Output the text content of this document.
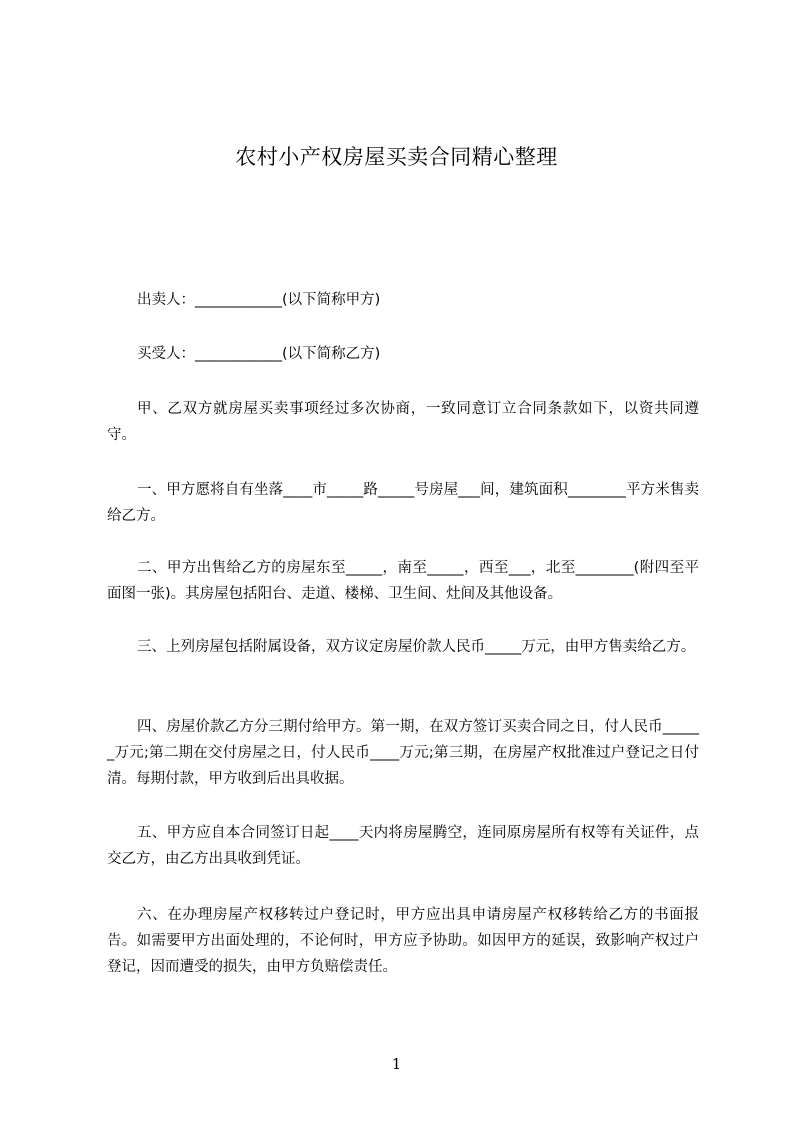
农村小产权房屋买卖合同精心整理

出卖人：____________(以下简称甲方)

买受人：____________(以下简称乙方)

甲、乙双方就房屋买卖事项经过多次协商，一致同意订立合同条款如下，以资共同遵守。

一、甲方愿将自有坐落____市_____路_____号房屋___间，建筑面积________平方米售卖给乙方。

二、甲方出售给乙方的房屋东至_____，南至_____，西至___，北至________(附四至平面图一张)。其房屋包括阳台、走道、楼梯、卫生间、灶间及其他设备。

三、上列房屋包括附属设备，双方议定房屋价款人民币_____万元，由甲方售卖给乙方。

四、房屋价款乙方分三期付给甲方。第一期，在双方签订买卖合同之日，付人民币______万元;第二期在交付房屋之日，付人民币____万元;第三期，在房屋产权批准过户登记之日付清。每期付款，甲方收到后出具收据。

五、甲方应自本合同签订日起____天内将房屋腾空，连同原房屋所有权等有关证件，点交乙方，由乙方出具收到凭证。

六、在办理房屋产权移转过户登记时，甲方应出具申请房屋产权移转给乙方的书面报告。如需要甲方出面处理的，不论何时，甲方应予协助。如因甲方的延误，致影响产权过户登记，因而遭受的损失，由甲方负赔偿责任。

1
